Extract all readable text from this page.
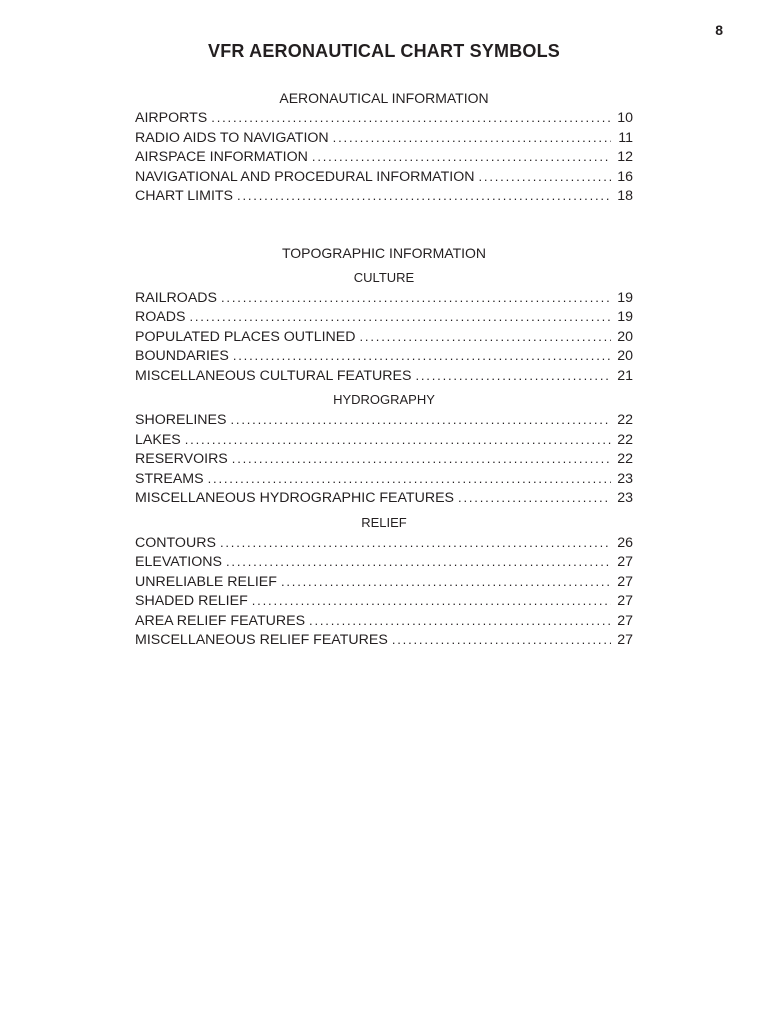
8
VFR AERONAUTICAL CHART SYMBOLS
AERONAUTICAL INFORMATION
AIRPORTS . . .	10
RADIO AIDS TO NAVIGATION . . .	11
AIRSPACE INFORMATION . . .	12
NAVIGATIONAL AND PROCEDURAL INFORMATION . . .	16
CHART LIMITS . . .	18
TOPOGRAPHIC INFORMATION
CULTURE
RAILROADS . . .	19
ROADS . . .	19
POPULATED PLACES OUTLINED . . .	20
BOUNDARIES . . .	20
MISCELLANEOUS CULTURAL FEATURES . . .	21
HYDROGRAPHY
SHORELINES . . .	22
LAKES . . .	22
RESERVOIRS . . .	22
STREAMS . . .	23
MISCELLANEOUS HYDROGRAPHIC FEATURES . . .	23
RELIEF
CONTOURS . . .	26
ELEVATIONS . . .	27
UNRELIABLE RELIEF . . .	27
SHADED RELIEF . . .	27
AREA RELIEF FEATURES . . .	27
MISCELLANEOUS RELIEF FEATURES . . .	27
